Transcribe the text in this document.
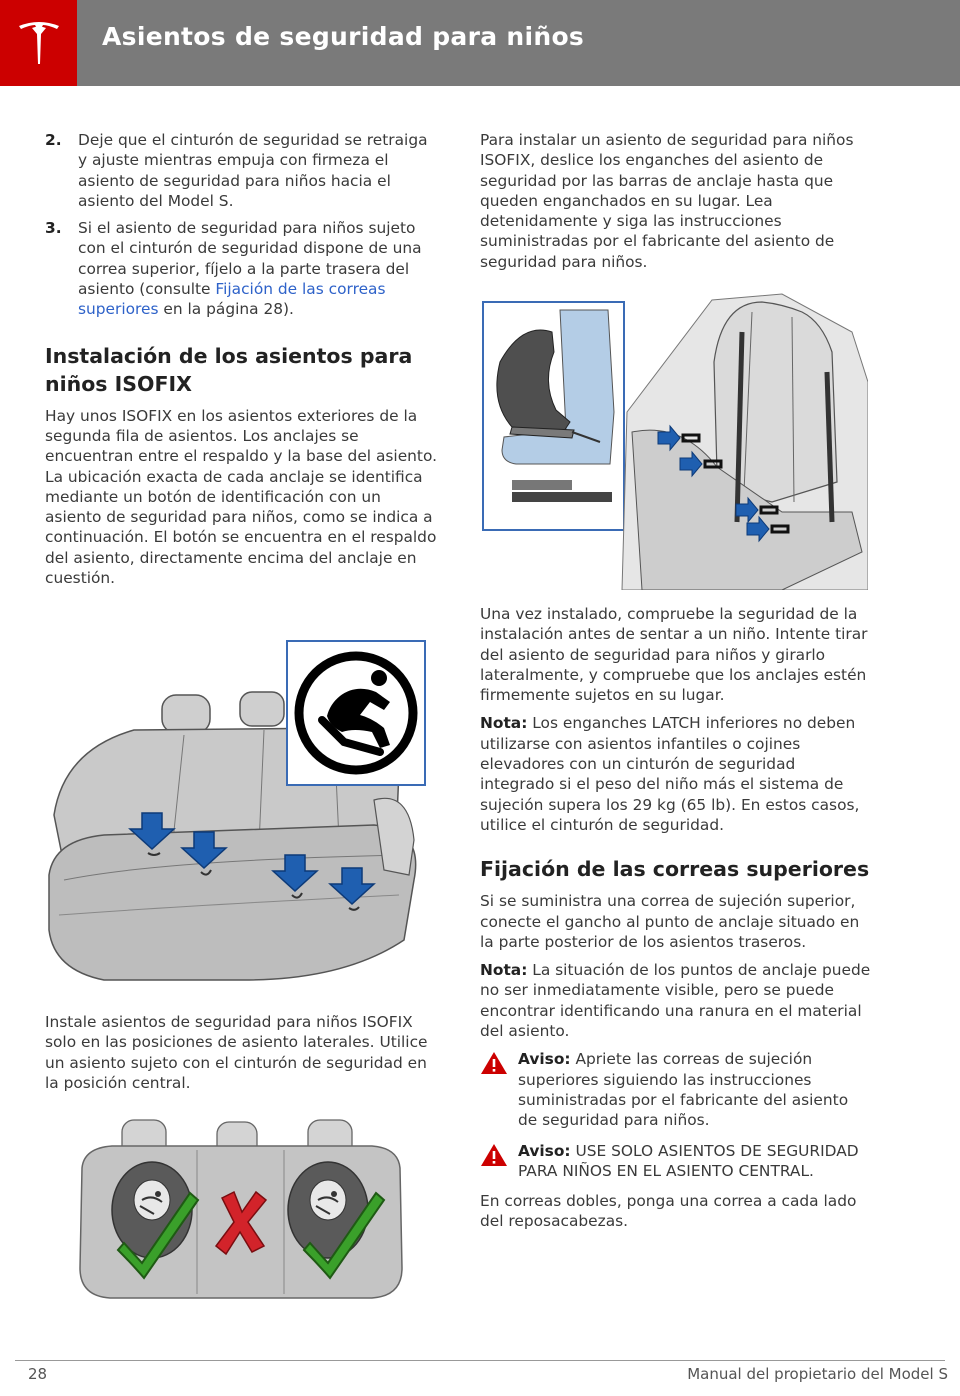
Asientos de seguridad para niños
2.	Deje que el cinturón de seguridad se retraiga y ajuste mientras empuja con firmeza el asiento de seguridad para niños hacia el asiento del Model S.
3.	Si el asiento de seguridad para niños sujeto con el cinturón de seguridad dispone de una correa superior, fíjelo a la parte trasera del asiento (consulte Fijación de las correas superiores en la página 28).
Instalación de los asientos para niños ISOFIX

Hay unos ISOFIX en los asientos exteriores de la segunda fila de asientos. Los anclajes se encuentran entre el respaldo y la base del asiento. La ubicación exacta de cada anclaje se identifica mediante un botón de identificación con un asiento de seguridad para niños, como se indica a continuación. El botón se encuentra en el respaldo del asiento, directamente encima del anclaje en cuestión.

Instale asientos de seguridad para niños ISOFIX solo en las posiciones de asiento laterales. Utilice un asiento sujeto con el cinturón de seguridad en la posición central.

Para instalar un asiento de seguridad para niños ISOFIX, deslice los enganches del asiento de seguridad por las barras de anclaje hasta que queden enganchados en su lugar. Lea detenidamente y siga las instrucciones suministradas por el fabricante del asiento de seguridad para niños.

Una vez instalado, compruebe la seguridad de la instalación antes de sentar a un niño. Intente tirar del asiento de seguridad para niños y girarlo lateralmente, y compruebe que los anclajes estén firmemente sujetos en su lugar.

Nota: Los enganches LATCH inferiores no deben utilizarse con asientos infantiles o cojines elevadores con un cinturón de seguridad integrado si el peso del niño más el sistema de sujeción supera los 29 kg (65 lb). En estos casos, utilice el cinturón de seguridad.

Fijación de las correas superiores

Si se suministra una correa de sujeción superior, conecte el gancho al punto de anclaje situado en la parte posterior de los asientos traseros.

Nota: La situación de los puntos de anclaje puede no ser inmediatamente visible, pero se puede encontrar identificando una ranura en el material del asiento.

Aviso: Apriete las correas de sujeción superiores siguiendo las instrucciones suministradas por el fabricante del asiento de seguridad para niños.
Aviso: USE SOLO ASIENTOS DE SEGURIDAD PARA NIÑOS EN EL ASIENTO CENTRAL.

En correas dobles, ponga una correa a cada lado del reposacabezas.

28	Manual del propietario del Model S
